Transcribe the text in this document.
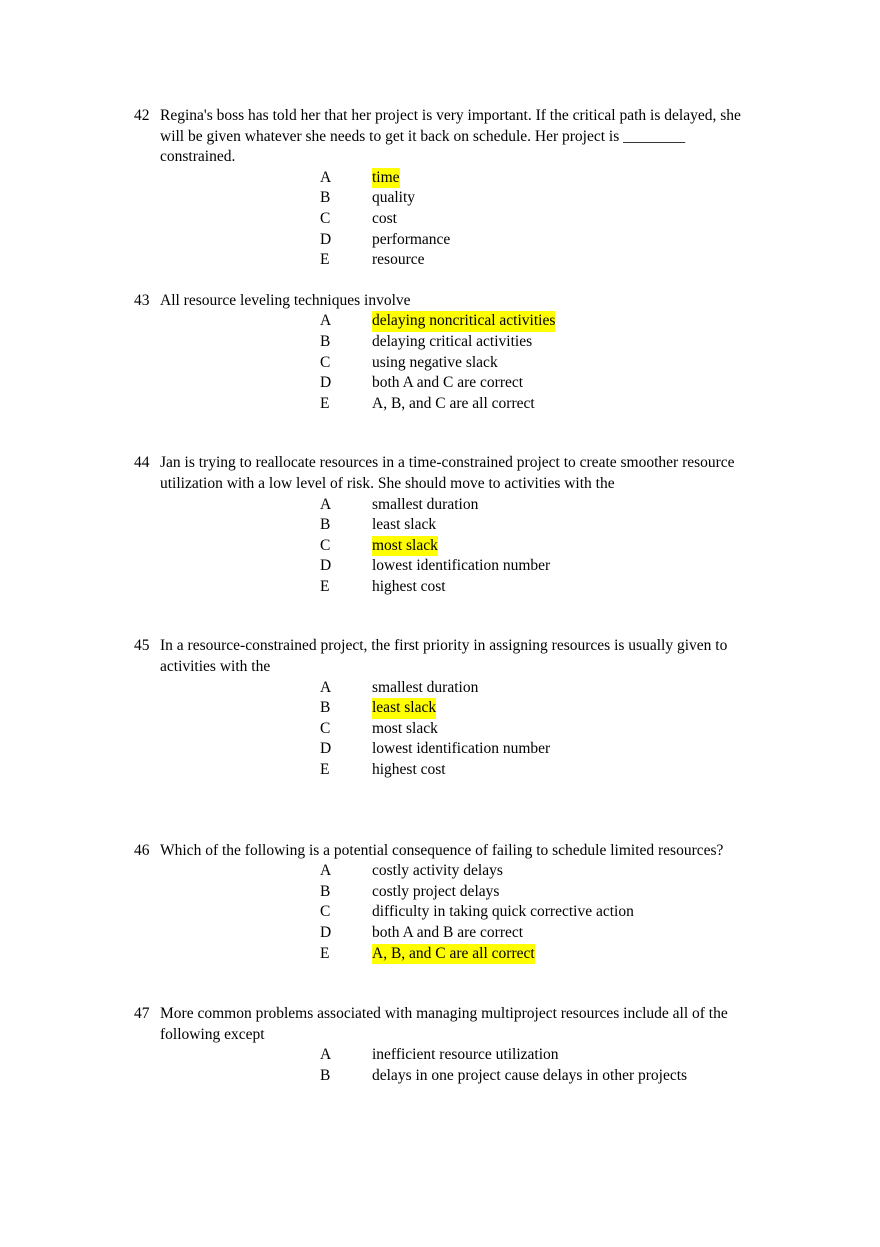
42 Regina's boss has told her that her project is very important. If the critical path is delayed, she will be given whatever she needs to get it back on schedule. Her project is ________ constrained.
A	time
B	quality
C	cost
D	performance
E	resource
43 All resource leveling techniques involve
A	delaying noncritical activities
B	delaying critical activities
C	using negative slack
D	both A and C are correct
E	A, B, and C are all correct
44 Jan is trying to reallocate resources in a time-constrained project to create smoother resource utilization with a low level of risk. She should move to activities with the
A	smallest duration
B	least slack
C	most slack
D	lowest identification number
E	highest cost
45 In a resource-constrained project, the first priority in assigning resources is usually given to activities with the
A	smallest duration
B	least slack
C	most slack
D	lowest identification number
E	highest cost
46 Which of the following is a potential consequence of failing to schedule limited resources?
A	costly activity delays
B	costly project delays
C	difficulty in taking quick corrective action
D	both A and B are correct
E	A, B, and C are all correct
47 More common problems associated with managing multiproject resources include all of the following except
A	inefficient resource utilization
B	delays in one project cause delays in other projects
